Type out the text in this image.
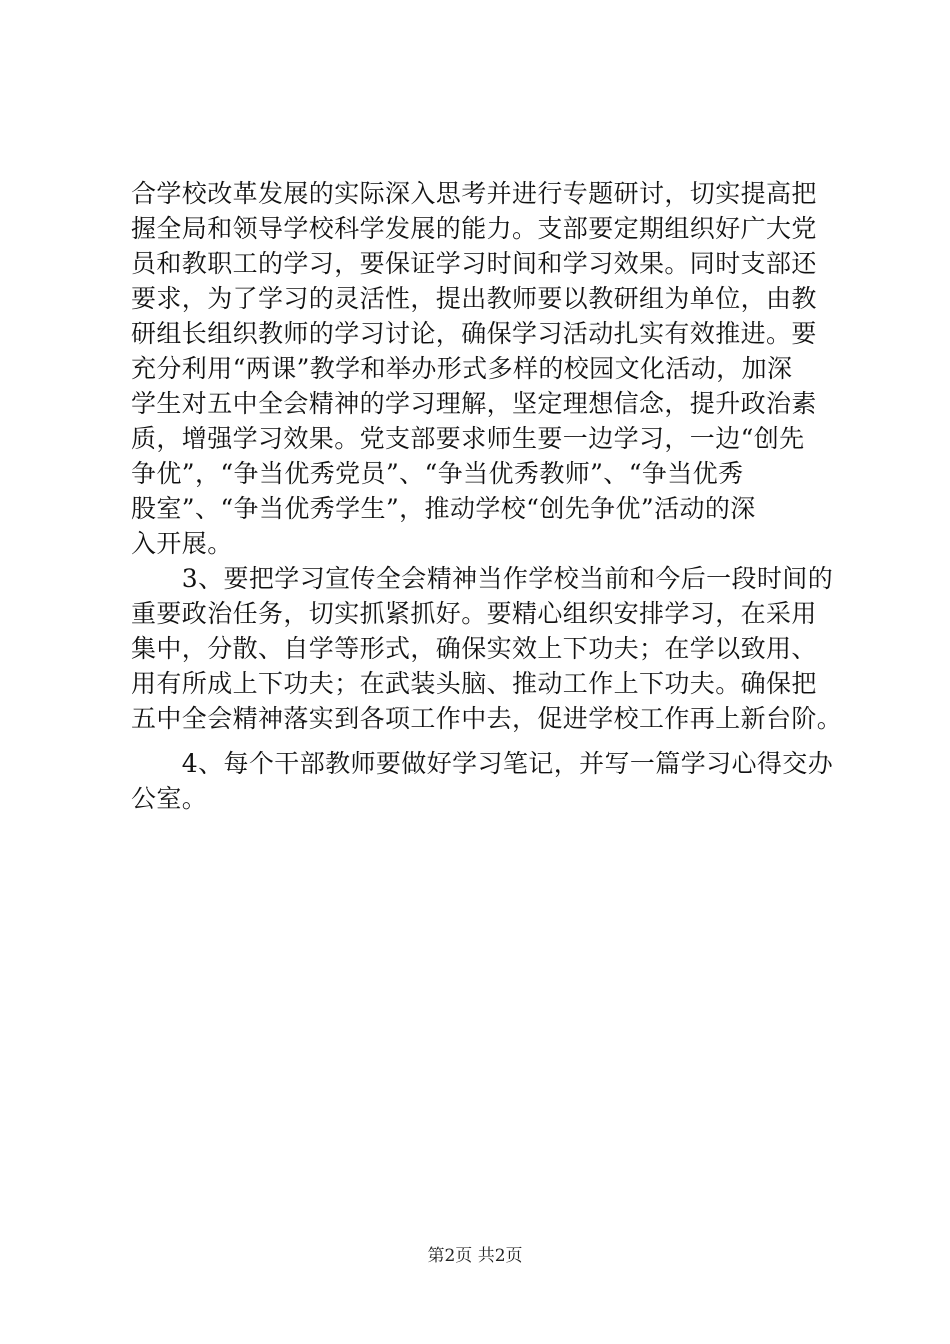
合学校改革发展的实际深入思考并进行专题研讨，切实提高把
握全局和领导学校科学发展的能力。支部要定期组织好广大党
员和教职工的学习，要保证学习时间和学习效果。同时支部还
要求，为了学习的灵活性，提出教师要以教研组为单位，由教
研组长组织教师的学习讨论，确保学习活动扎实有效推进。要
充分利用“两课”教学和举办形式多样的校园文化活动，加深
学生对五中全会精神的学习理解，坚定理想信念，提升政治素
质，增强学习效果。党支部要求师生要一边学习，一边“创先
争优”，“争当优秀党员”、“争当优秀教师”、“争当优秀
股室”、“争当优秀学生”，推动学校“创先争优”活动的深
入开展。
　　3、要把学习宣传全会精神当作学校当前和今后一段时间的
重要政治任务，切实抓紧抓好。要精心组织安排学习，在采用
集中，分散、自学等形式，确保实效上下功夫；在学以致用、
用有所成上下功夫；在武装头脑、推动工作上下功夫。确保把
五中全会精神落实到各项工作中去，促进学校工作再上新台阶。
　　4、每个干部教师要做好学习笔记，并写一篇学习心得交办
公室。
第2页 共2页
